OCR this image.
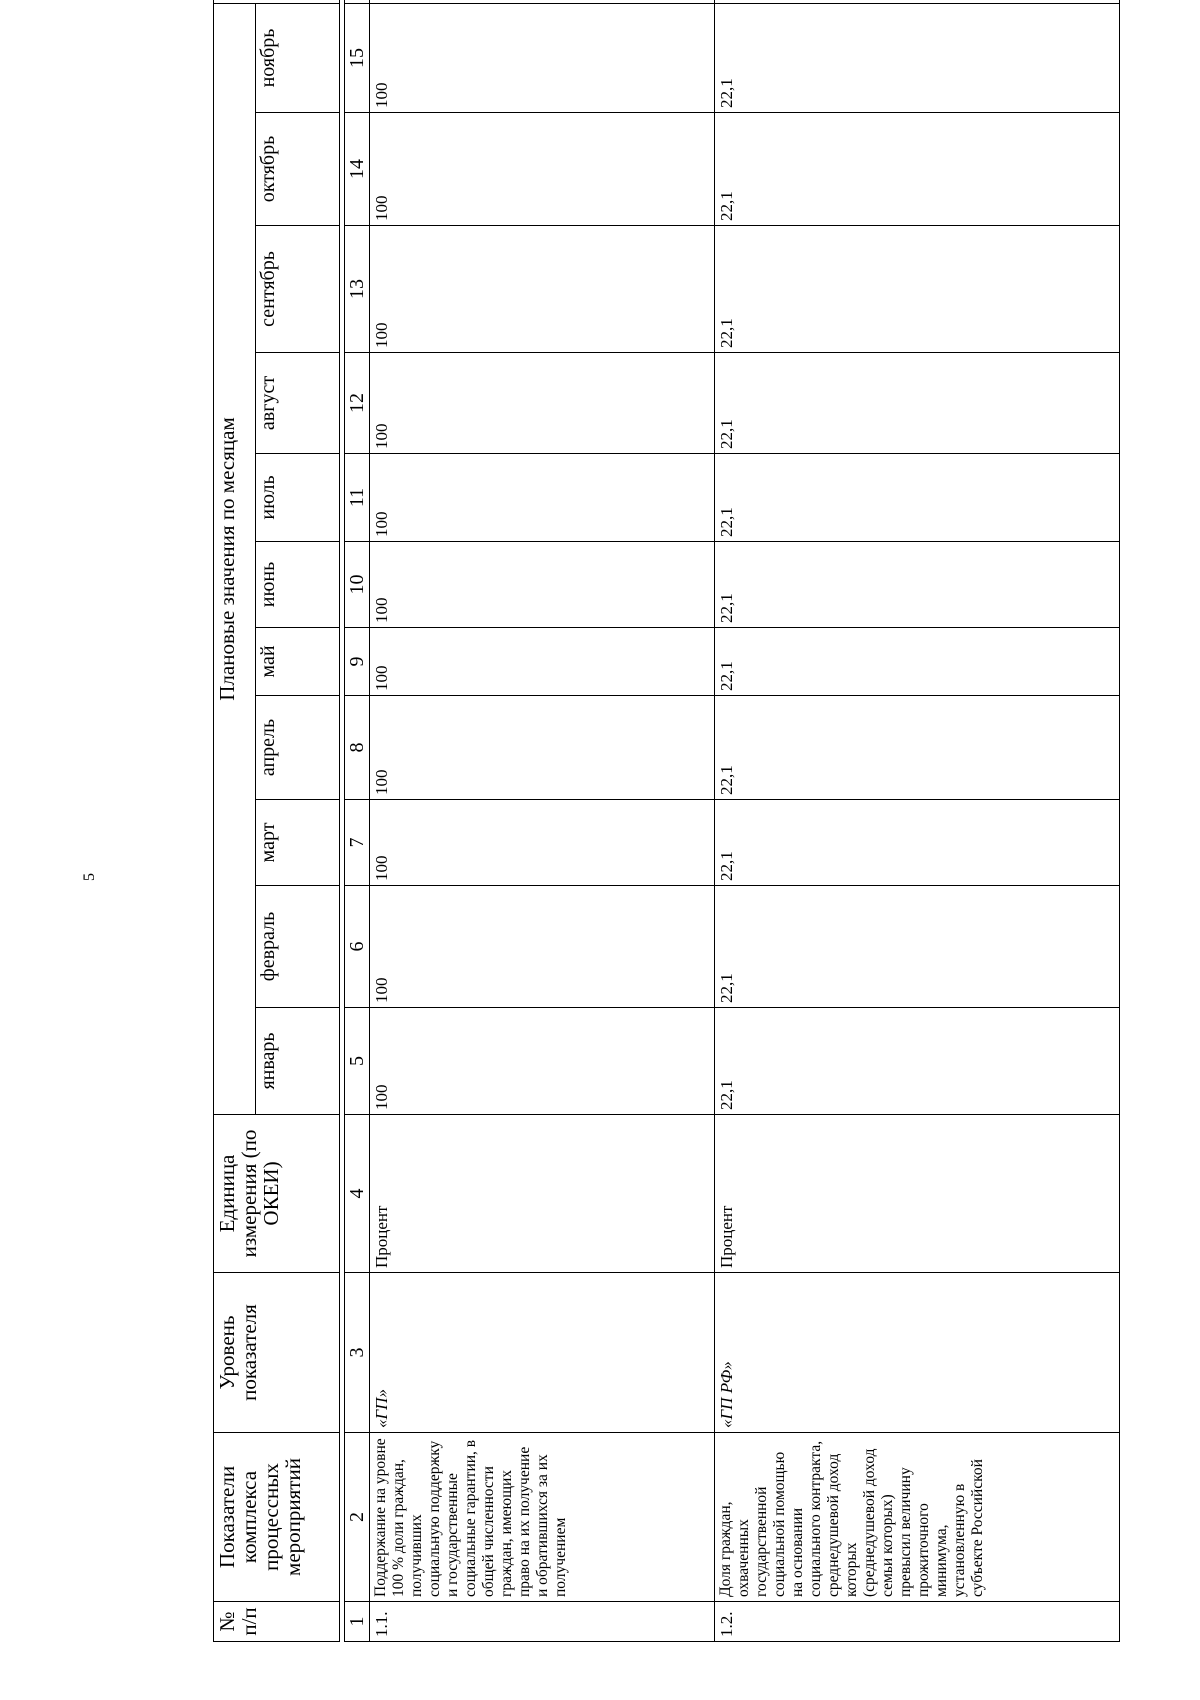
5
№ п/п	Показатели комплекса процессных мероприятий	Уровень показателя	Единица измерения (по ОКЕИ)	Плановые значения по месяцам	
				январь	февраль	март	апрель	май	июнь	июль	август	сентябрь	октябрь	ноябрь	

1	2	3	4	5	6	7	8	9	10	11	12	13	14	15	
1.1.	Поддержание на уровне 100 % доли граждан, получивших социальную поддержку и государственные социальные гарантии, в общей численности граждан, имеющих право на их получение и обратившихся за их получением	«ГП»	Процент	100	100	100	100	100	100	100	100	100	100	100	
1.2.	Доля граждан, охваченных государственной социальной помощью на основании социального контракта, среднедушевой доход которых (среднедушевой доход семьи которых) превысил величину прожиточного минимума, установленную в субъекте Российской	«ГП РФ»	Процент	22,1	22,1	22,1	22,1	22,1	22,1	22,1	22,1	22,1	22,1	22,1	
